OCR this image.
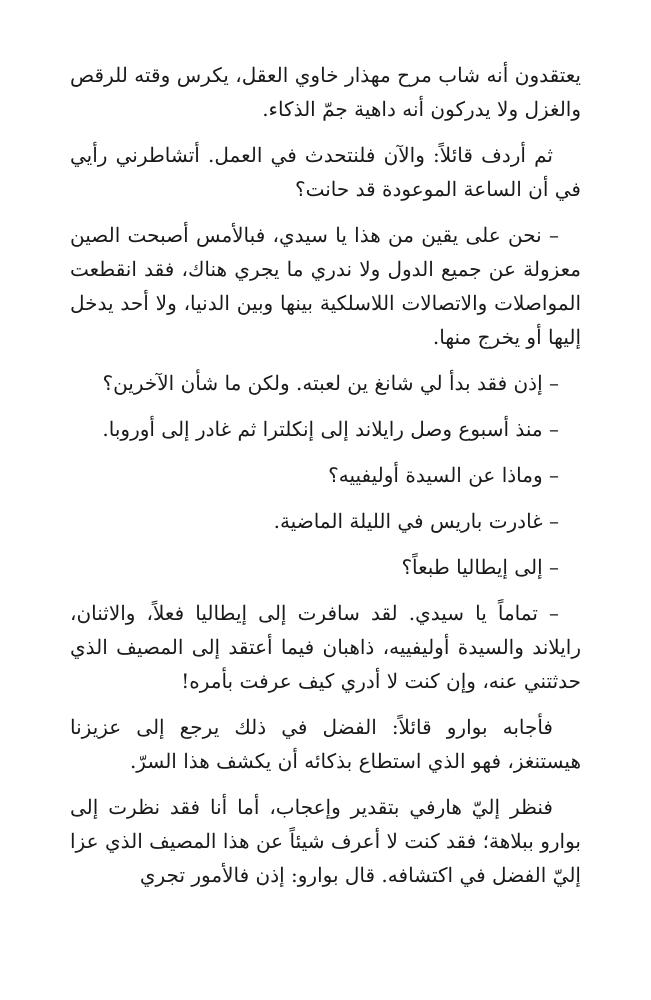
يعتقدون أنه شاب مرح مهذار خاوي العقل، يكرس وقته للرقص والغزل ولا يدركون أنه داهية جمّ الذكاء.

ثم أردف قائلاً: والآن فلنتحدث في العمل. أتشاطرني رأيي في أن الساعة الموعودة قد حانت؟

– نحن على يقين من هذا يا سيدي، فبالأمس أصبحت الصين معزولة عن جميع الدول ولا ندري ما يجري هناك، فقد انقطعت المواصلات والاتصالات اللاسلكية بينها وبين الدنيا، ولا أحد يدخل إليها أو يخرج منها.

– إذن فقد بدأ لي شانغ ين لعبته. ولكن ما شأن الآخرين؟

– منذ أسبوع وصل رايلاند إلى إنكلترا ثم غادر إلى أوروبا.

– وماذا عن السيدة أوليفييه؟

– غادرت باريس في الليلة الماضية.

– إلى إيطاليا طبعاً؟

– تماماً يا سيدي. لقد سافرت إلى إيطاليا فعلاً، والاثنان، رايلاند والسيدة أوليفييه، ذاهبان فيما أعتقد إلى المصيف الذي حدثتني عنه، وإن كنت لا أدري كيف عرفت بأمره!

فأجابه بوارو قائلاً: الفضل في ذلك يرجع إلى عزيزنا هيستنغز، فهو الذي استطاع بذكائه أن يكشف هذا السرّ.

فنظر إليّ هارفي بتقدير وإعجاب، أما أنا فقد نظرت إلى بوارو ببلاهة؛ فقد كنت لا أعرف شيئاً عن هذا المصيف الذي عزا إليّ الفضل في اكتشافه. قال بوارو: إذن فالأمور تجري
